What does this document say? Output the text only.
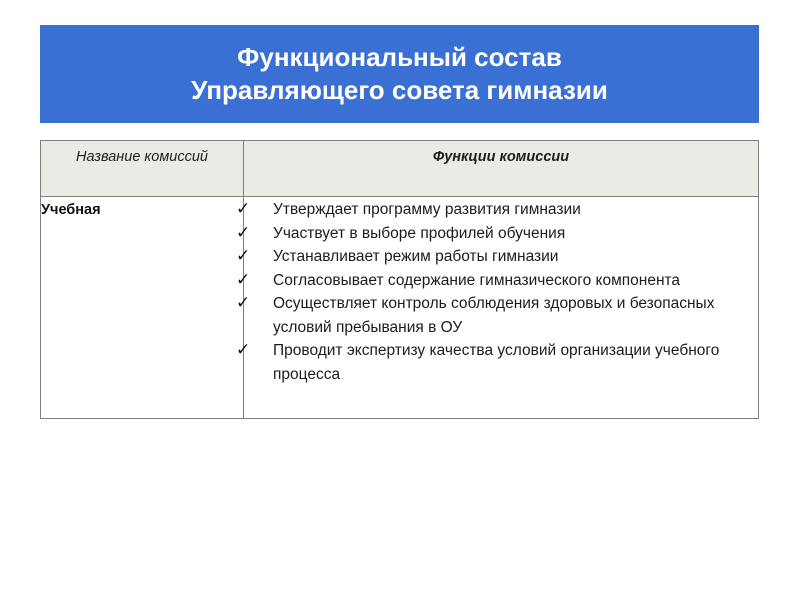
Функциональный состав
Управляющего совета гимназии
Название комиссий	Функции комиссии
Учебная	✓	Утверждает программу развития гимназии
✓	Участвует в выборе профилей обучения
✓	Устанавливает режим работы гимназии
✓	Согласовывает содержание гимназического компонента
✓	Осуществляет контроль соблюдения здоровых и безопасных условий пребывания в ОУ
✓	Проводит экспертизу качества условий организации учебного процесса
